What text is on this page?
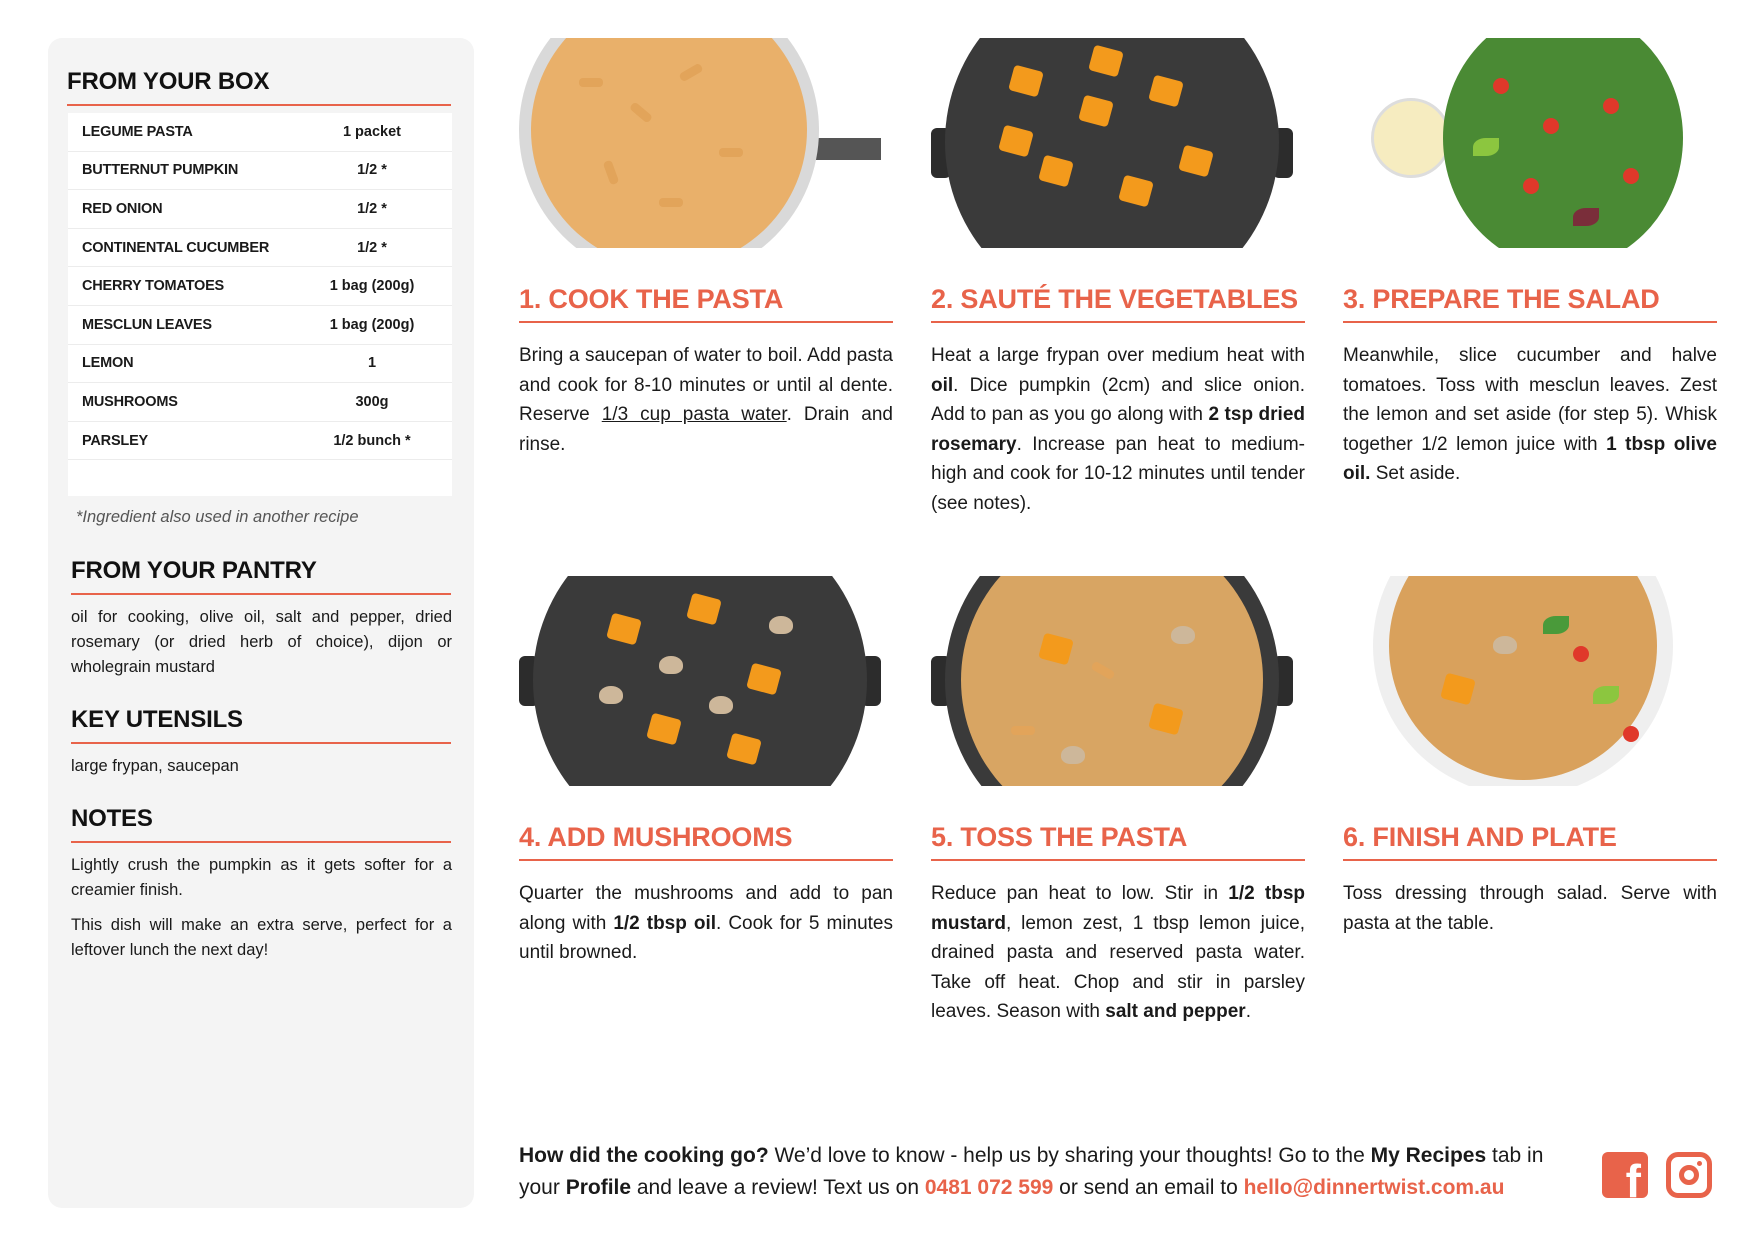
FROM YOUR BOX
LEGUME PASTA	1 packet
BUTTERNUT PUMPKIN	1/2 *
RED ONION	1/2 *
CONTINENTAL CUCUMBER	1/2 *
CHERRY TOMATOES	1 bag (200g)
MESCLUN LEAVES	1 bag (200g)
LEMON	1
MUSHROOMS	300g
PARSLEY	1/2 bunch *
*Ingredient also used in another recipe
FROM YOUR PANTRY
oil for cooking, olive oil, salt and pepper, dried rosemary (or dried herb of choice), dijon or wholegrain mustard
KEY UTENSILS
large frypan, saucepan
NOTES
Lightly crush the pumpkin as it gets softer for a creamier finish.
This dish will make an extra serve, perfect for a leftover lunch the next day!
1. COOK THE PASTA
Bring a saucepan of water to boil. Add pasta and cook for 8-10 minutes or until al dente. Reserve 1/3 cup pasta water. Drain and rinse.
2. SAUTÉ THE VEGETABLES
Heat a large frypan over medium heat with oil. Dice pumpkin (2cm) and slice onion. Add to pan as you go along with 2 tsp dried rosemary. Increase pan heat to medium-high and cook for 10-12 minutes until tender (see notes).
3. PREPARE THE SALAD
Meanwhile, slice cucumber and halve tomatoes. Toss with mesclun leaves. Zest the lemon and set aside (for step 5). Whisk together 1/2 lemon juice with 1 tbsp olive oil. Set aside.
4. ADD MUSHROOMS
Quarter the mushrooms and add to pan along with 1/2 tbsp oil. Cook for 5 minutes until browned.
5. TOSS THE PASTA
Reduce pan heat to low. Stir in 1/2 tbsp mustard, lemon zest, 1 tbsp lemon juice, drained pasta and reserved pasta water. Take off heat. Chop and stir in parsley leaves. Season with salt and pepper.
6. FINISH AND PLATE
Toss dressing through salad. Serve with pasta at the table.
How did the cooking go? We’d love to know - help us by sharing your thoughts! Go to the My Recipes tab in your Profile and leave a review! Text us on 0481 072 599 or send an email to hello@dinnertwist.com.au	f
